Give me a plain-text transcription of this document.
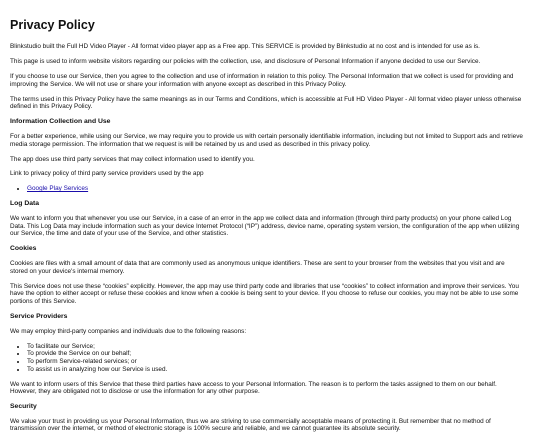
Privacy Policy

Blinkstudio built the Full HD Video Player - All format video player app as a Free app. This SERVICE is provided by Blinkstudio at no cost and is intended for use as is.

This page is used to inform website visitors regarding our policies with the collection, use, and disclosure of Personal Information if anyone decided to use our Service.

If you choose to use our Service, then you agree to the collection and use of information in relation to this policy. The Personal Information that we collect is used for providing and improving the Service. We will not use or share your information with anyone except as described in this Privacy Policy.

The terms used in this Privacy Policy have the same meanings as in our Terms and Conditions, which is accessible at Full HD Video Player - All format video player unless otherwise defined in this Privacy Policy.

Information Collection and Use

For a better experience, while using our Service, we may require you to provide us with certain personally identifiable information, including but not limited to Support ads and retrieve media storage permission. The information that we request is will be retained by us and used as described in this privacy policy.

The app does use third party services that may collect information used to identify you.

Link to privacy policy of third party service providers used by the app

• Google Play Services
Log Data

We want to inform you that whenever you use our Service, in a case of an error in the app we collect data and information (through third party products) on your phone called Log Data. This Log Data may include information such as your device Internet Protocol (“IP”) address, device name, operating system version, the configuration of the app when utilizing our Service, the time and date of your use of the Service, and other statistics.

Cookies

Cookies are files with a small amount of data that are commonly used as anonymous unique identifiers. These are sent to your browser from the websites that you visit and are stored on your device's internal memory.

This Service does not use these “cookies” explicitly. However, the app may use third party code and libraries that use “cookies” to collect information and improve their services. You have the option to either accept or refuse these cookies and know when a cookie is being sent to your device. If you choose to refuse our cookies, you may not be able to use some portions of this Service.

Service Providers

We may employ third-party companies and individuals due to the following reasons:

• To facilitate our Service;
• To provide the Service on our behalf;
• To perform Service-related services; or
• To assist us in analyzing how our Service is used.

We want to inform users of this Service that these third parties have access to your Personal Information. The reason is to perform the tasks assigned to them on our behalf. However, they are obligated not to disclose or use the information for any other purpose.

Security

We value your trust in providing us your Personal Information, thus we are striving to use commercially acceptable means of protecting it. But remember that no method of transmission over the internet, or method of electronic storage is 100% secure and reliable, and we cannot guarantee its absolute security.
